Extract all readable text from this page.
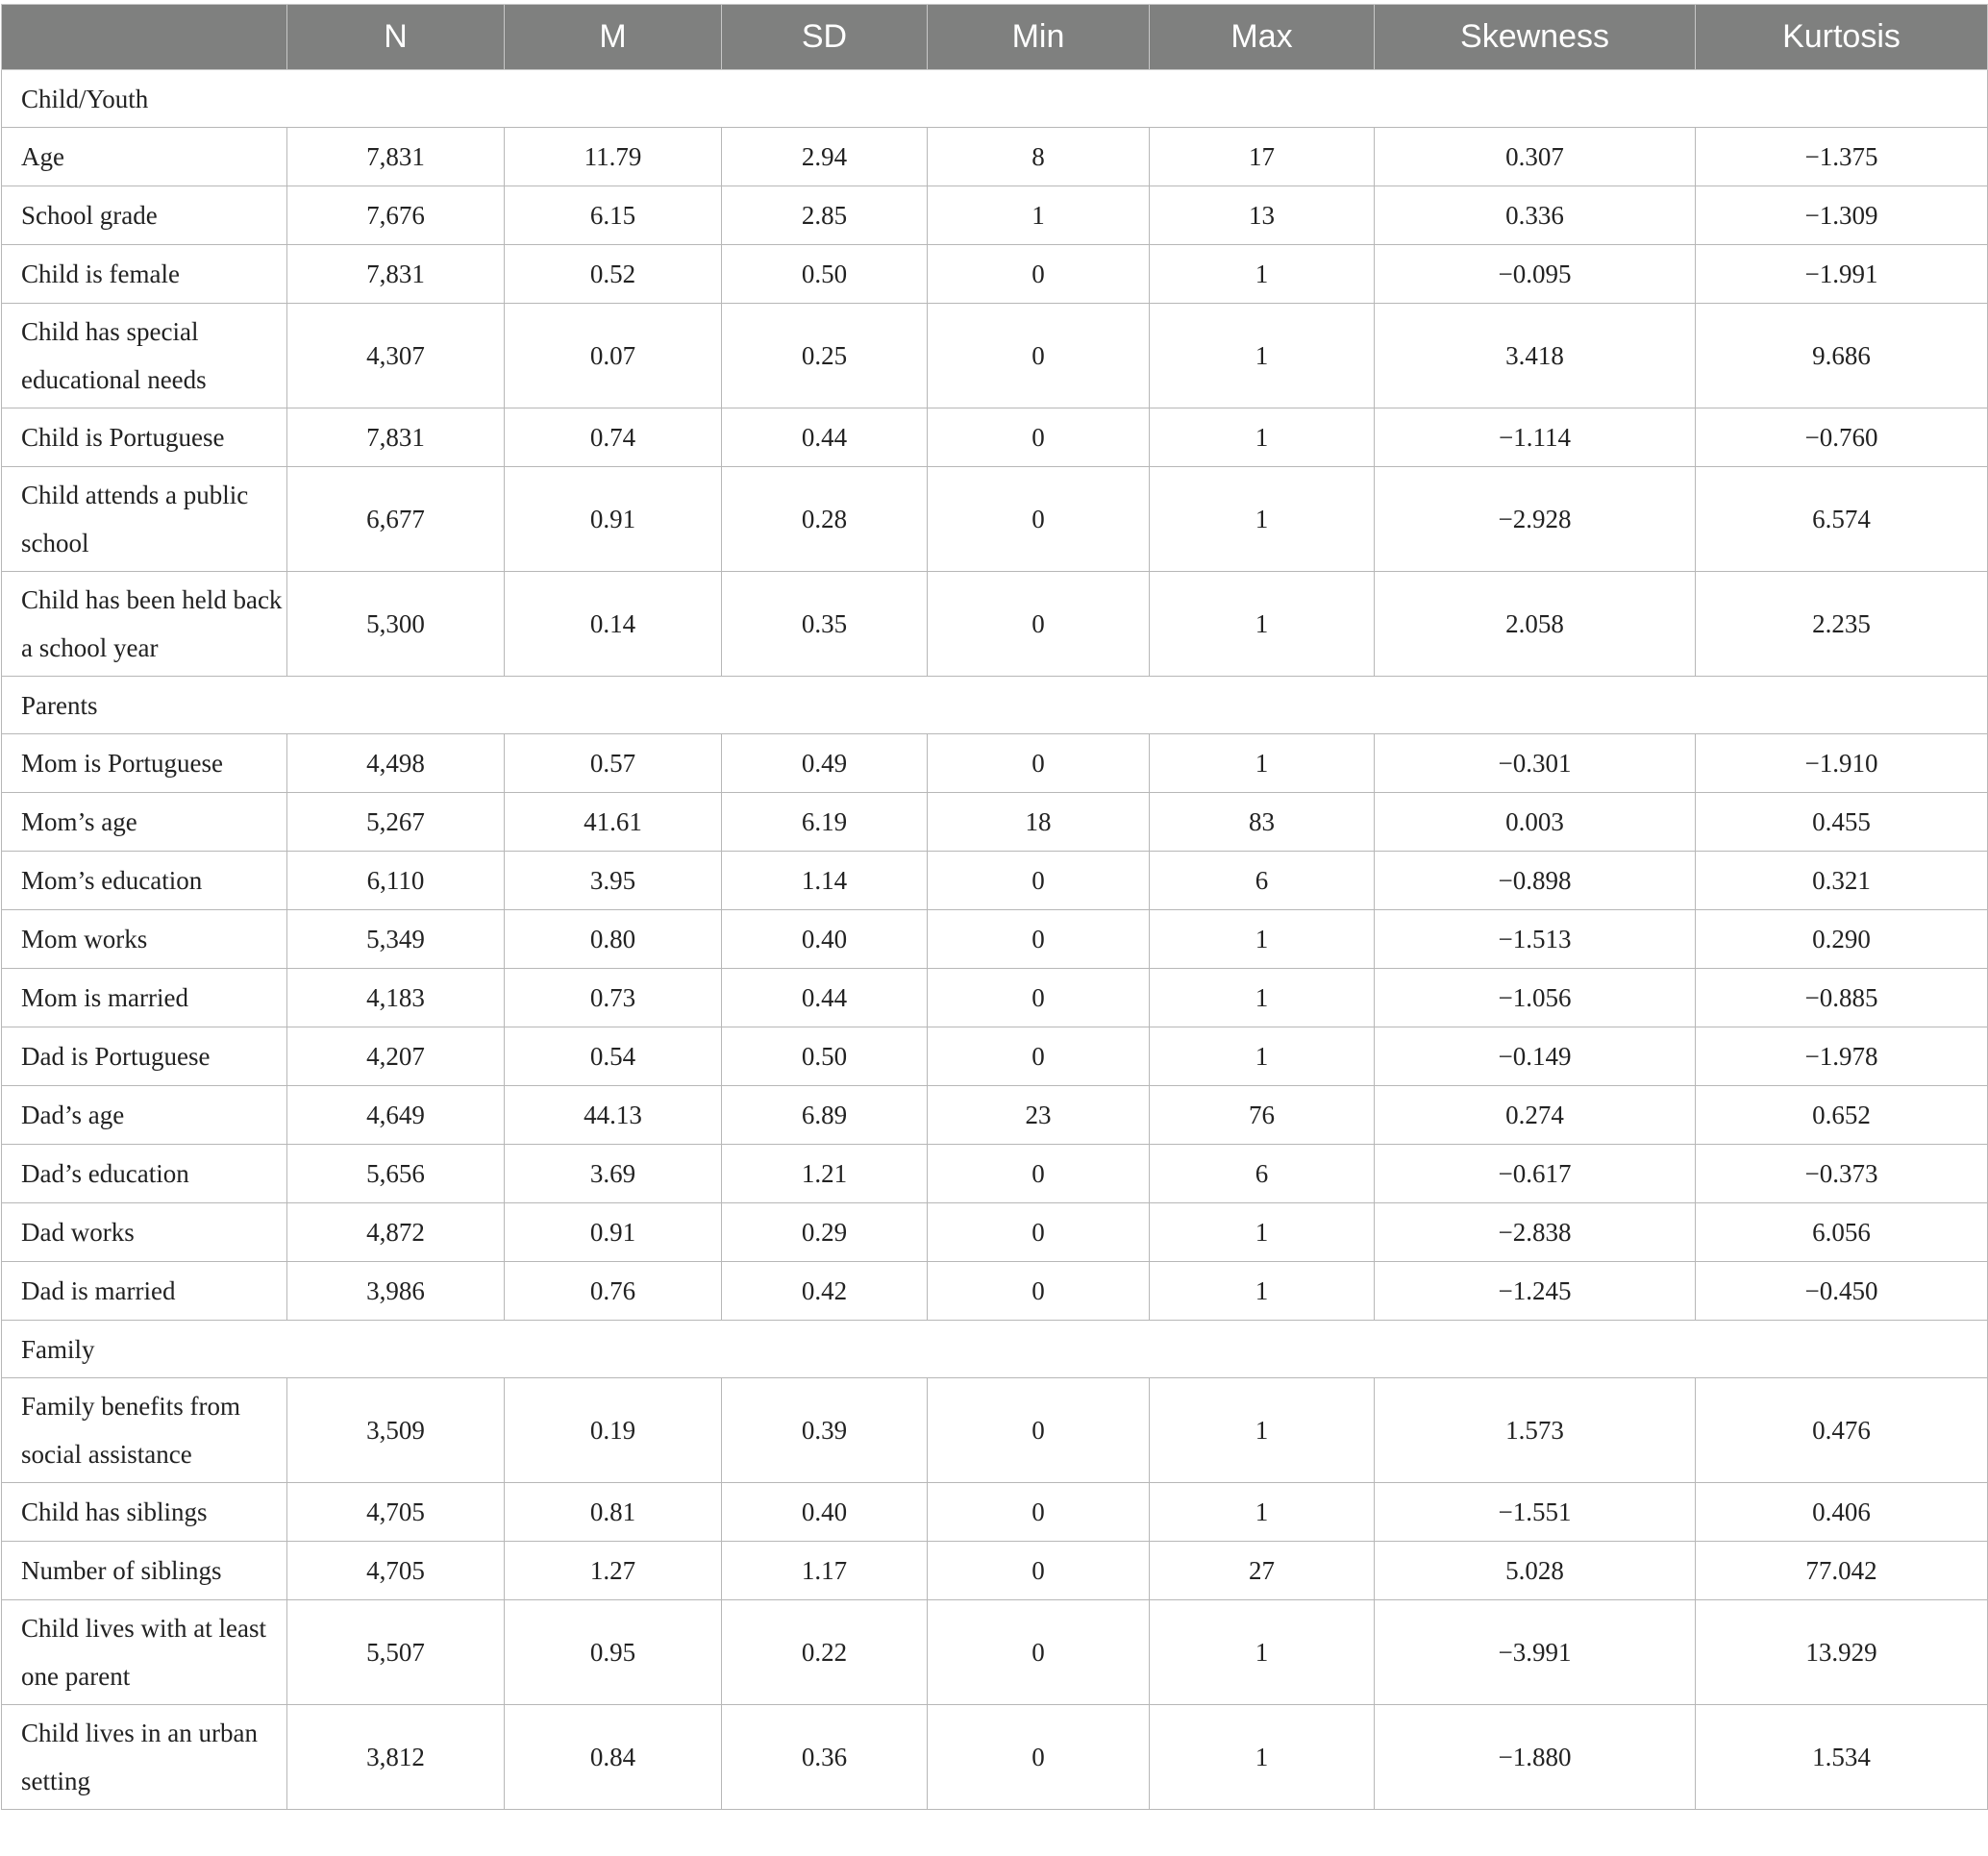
	N	M	SD	Min	Max	Skewness	Kurtosis
Child/Youth							
Age	7,831	11.79	2.94	8	17	0.307	−1.375
School grade	7,676	6.15	2.85	1	13	0.336	−1.309
Child is female	7,831	0.52	0.50	0	1	−0.095	−1.991
Child has special educational needs	4,307	0.07	0.25	0	1	3.418	9.686
Child is Portuguese	7,831	0.74	0.44	0	1	−1.114	−0.760
Child attends a public school	6,677	0.91	0.28	0	1	−2.928	6.574
Child has been held back a school year	5,300	0.14	0.35	0	1	2.058	2.235
Parents							
Mom is Portuguese	4,498	0.57	0.49	0	1	−0.301	−1.910
Mom’s age	5,267	41.61	6.19	18	83	0.003	0.455
Mom’s education	6,110	3.95	1.14	0	6	−0.898	0.321
Mom works	5,349	0.80	0.40	0	1	−1.513	0.290
Mom is married	4,183	0.73	0.44	0	1	−1.056	−0.885
Dad is Portuguese	4,207	0.54	0.50	0	1	−0.149	−1.978
Dad’s age	4,649	44.13	6.89	23	76	0.274	0.652
Dad’s education	5,656	3.69	1.21	0	6	−0.617	−0.373
Dad works	4,872	0.91	0.29	0	1	−2.838	6.056
Dad is married	3,986	0.76	0.42	0	1	−1.245	−0.450
Family							
Family benefits from social assistance	3,509	0.19	0.39	0	1	1.573	0.476
Child has siblings	4,705	0.81	0.40	0	1	−1.551	0.406
Number of siblings	4,705	1.27	1.17	0	27	5.028	77.042
Child lives with at least one parent	5,507	0.95	0.22	0	1	−3.991	13.929
Child lives in an urban setting	3,812	0.84	0.36	0	1	−1.880	1.534
